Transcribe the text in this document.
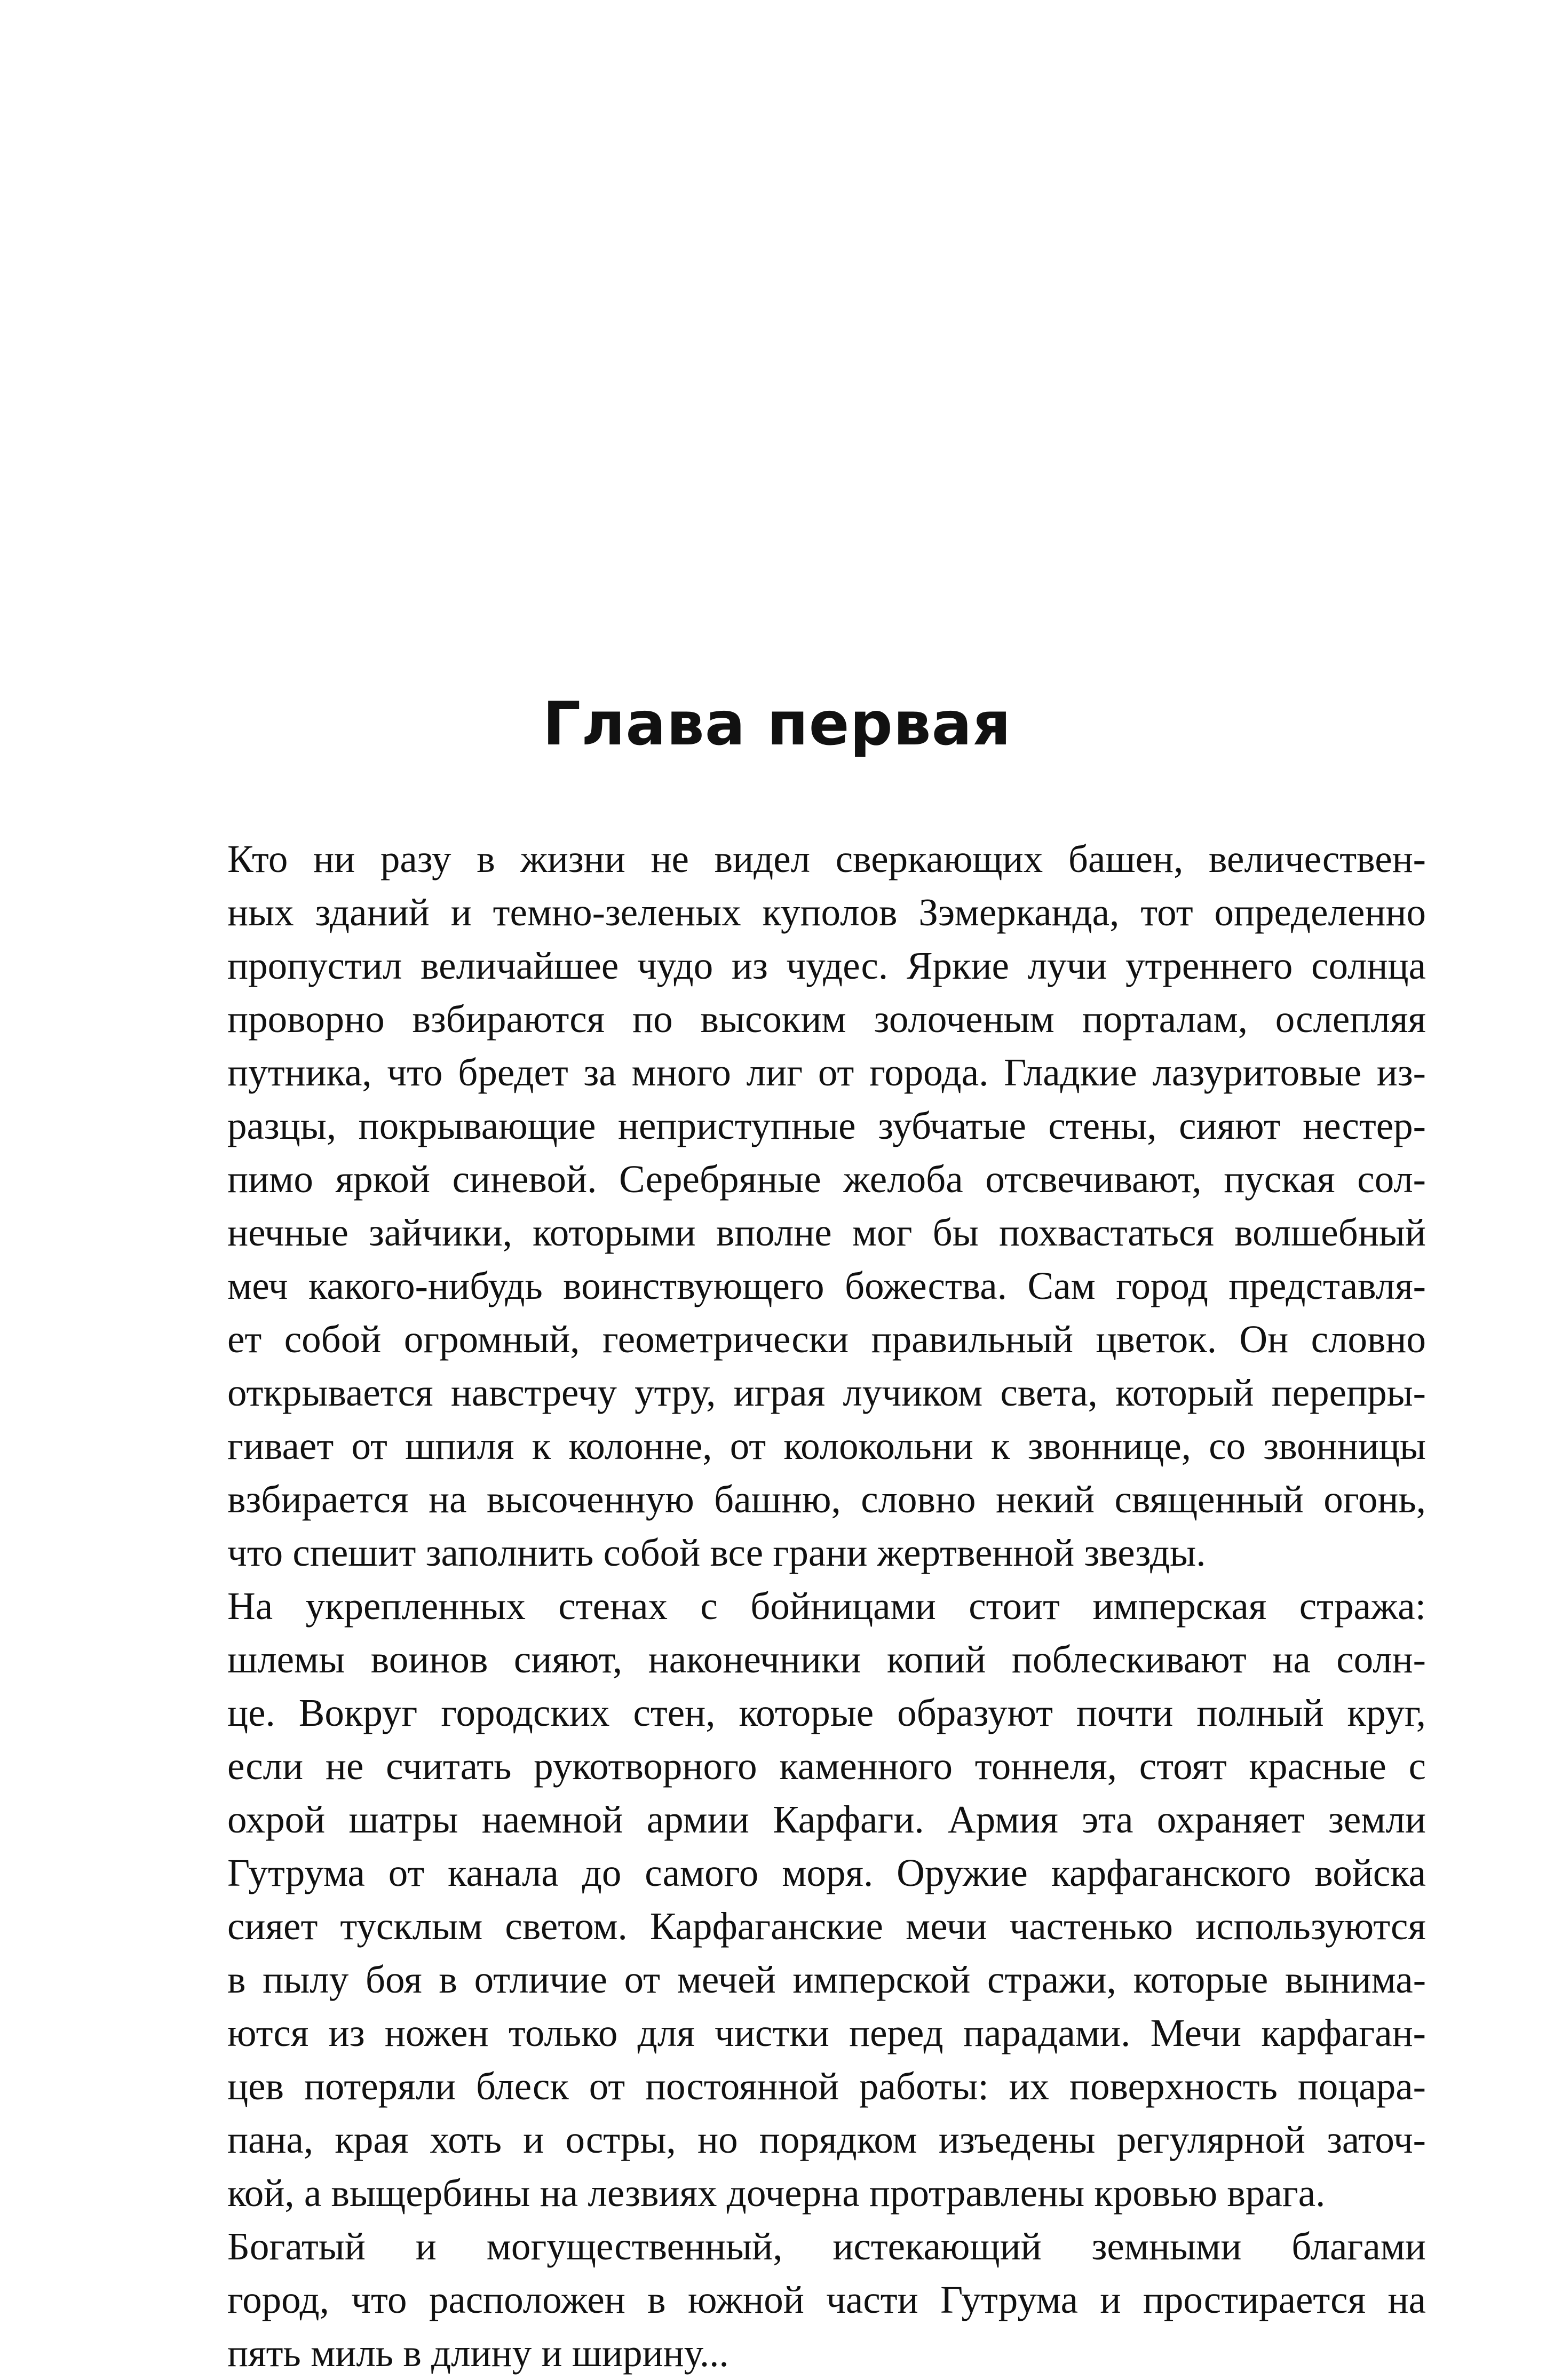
Глава первая

Кто ни разу в жизни не видел сверкающих башен, величествен-
ных зданий и темно-зеленых куполов Зэмерканда, тот определенно
пропустил величайшее чудо из чудес. Яркие лучи утреннего солнца
проворно взбираются по высоким золоченым порталам, ослепляя
путника, что бредет за много лиг от города. Гладкие лазуритовые из-
разцы, покрывающие неприступные зубчатые стены, сияют нестер-
пимо яркой синевой. Серебряные желоба отсвечивают, пуская сол-
нечные зайчики, которыми вполне мог бы похвастаться волшебный
меч какого-нибудь воинствующего божества. Сам город представля-
ет собой огромный, геометрически правильный цветок. Он словно
открывается навстречу утру, играя лучиком света, который перепры-
гивает от шпиля к колонне, от колокольни к звоннице, со звонницы
взбирается на высоченную башню, словно некий священный огонь,
что спешит заполнить собой все грани жертвенной звезды.

На укрепленных стенах с бойницами стоит имперская стража:
шлемы воинов сияют, наконечники копий поблескивают на солн-
це. Вокруг городских стен, которые образуют почти полный круг,
если не считать рукотворного каменного тоннеля, стоят красные с
охрой шатры наемной армии Карфаги. Армия эта охраняет земли
Гутрума от канала до самого моря. Оружие карфаганского войска
сияет тусклым светом. Карфаганские мечи частенько используются
в пылу боя в отличие от мечей имперской стражи, которые вынима-
ются из ножен только для чистки перед парадами. Мечи карфаган-
цев потеряли блеск от постоянной работы: их поверхность поцара-
пана, края хоть и остры, но порядком изъедены регулярной заточ-
кой, а выщербины на лезвиях дочерна протравлены кровью врага.

Богатый и могущественный, истекающий земными благами
город, что расположен в южной части Гутрума и простирается на
пять миль в длину и ширину...
